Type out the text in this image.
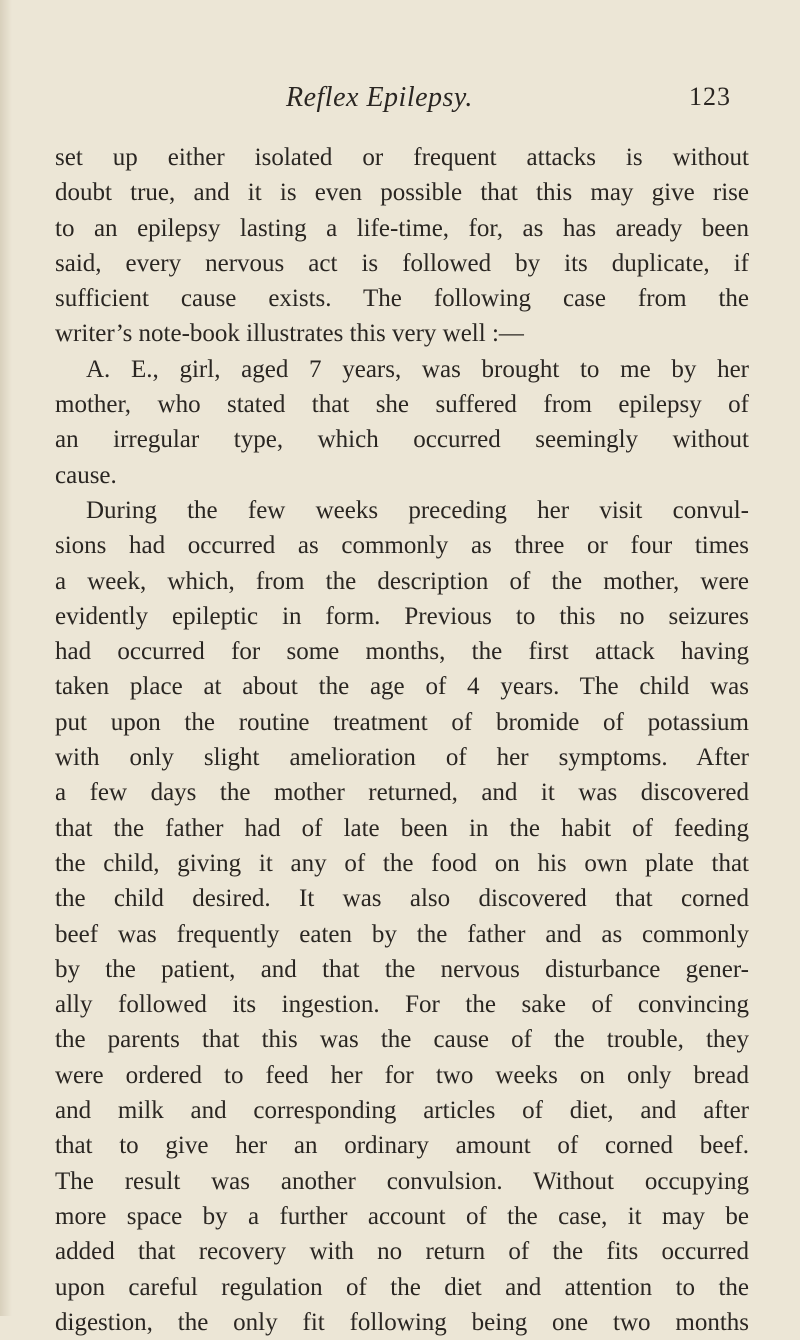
Reflex Epilepsy.	123
set up either isolated or frequent attacks is without
doubt true, and it is even possible that this may give rise
to an epilepsy lasting a life-time, for, as has aready been
said, every nervous act is followed by its duplicate, if
sufficient cause exists. The following case from the
writer’s note-book illustrates this very well :—
A. E., girl, aged 7 years, was brought to me by her
mother, who stated that she suffered from epilepsy of
an irregular type, which occurred seemingly without
cause.
During the few weeks preceding her visit convul-
sions had occurred as commonly as three or four times
a week, which, from the description of the mother, were
evidently epileptic in form. Previous to this no seizures
had occurred for some months, the first attack having
taken place at about the age of 4 years. The child was
put upon the routine treatment of bromide of potassium
with only slight amelioration of her symptoms. After
a few days the mother returned, and it was discovered
that the father had of late been in the habit of feeding
the child, giving it any of the food on his own plate that
the child desired. It was also discovered that corned
beef was frequently eaten by the father and as commonly
by the patient, and that the nervous disturbance gener-
ally followed its ingestion. For the sake of convincing
the parents that this was the cause of the trouble, they
were ordered to feed her for two weeks on only bread
and milk and corresponding articles of diet, and after
that to give her an ordinary amount of corned beef.
The result was another convulsion. Without occupying
more space by a further account of the case, it may be
added that recovery with no return of the fits occurred
upon careful regulation of the diet and attention to the
digestion, the only fit following being one two months
